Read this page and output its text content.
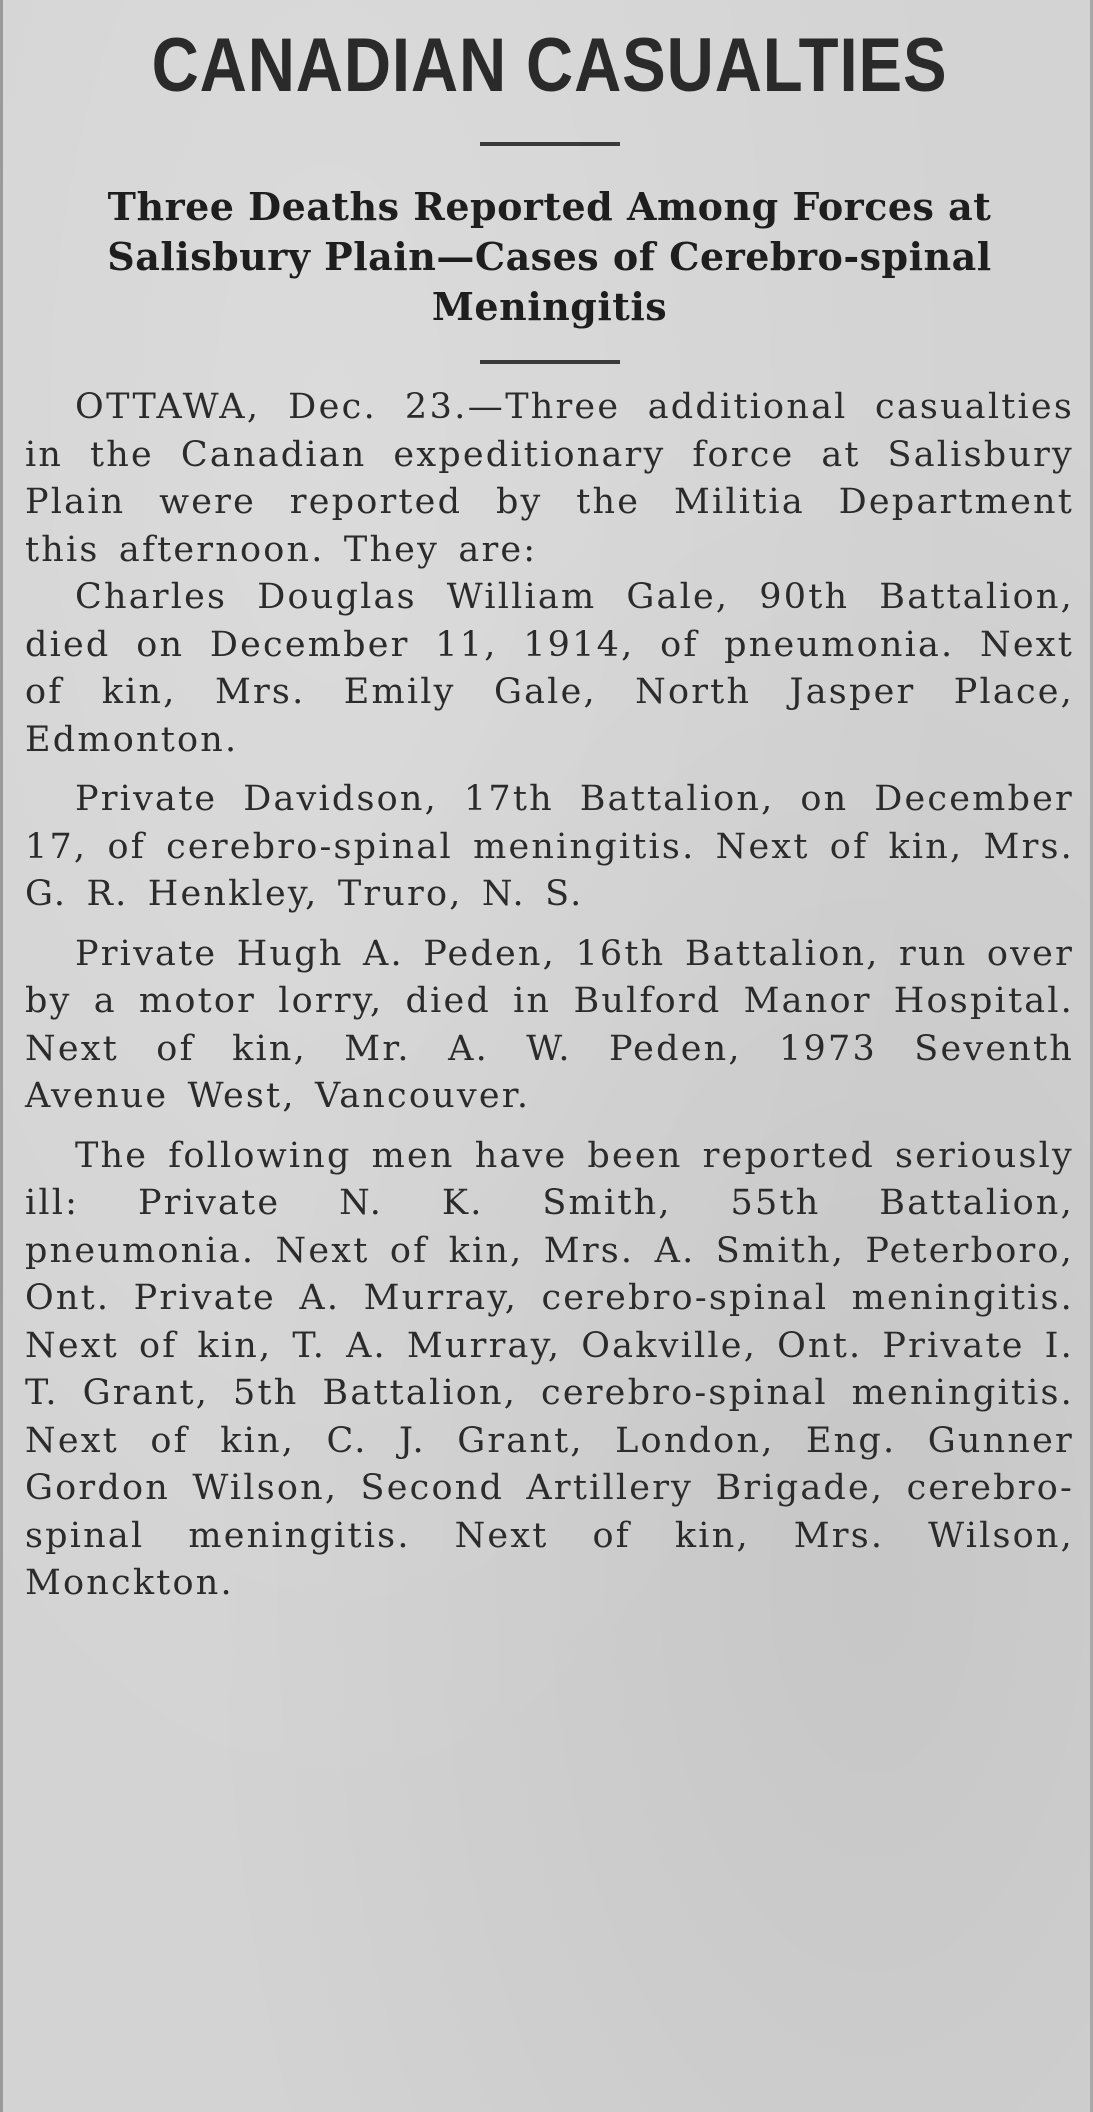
CANADIAN CASUALTIES
Three Deaths Reported Among Forces at Salisbury Plain—Cases of Cerebro-spinal Meningitis

OTTAWA, Dec. 23.—Three additional casualties in the Canadian expeditionary force at Salisbury Plain were reported by the Militia Department this afternoon. They are:

Charles Douglas William Gale, 90th Battalion, died on December 11, 1914, of pneumonia. Next of kin, Mrs. Emily Gale, North Jasper Place, Edmonton.

Private Davidson, 17th Battalion, on December 17, of cerebro-spinal meningitis. Next of kin, Mrs. G. R. Henkley, Truro, N. S.

Private Hugh A. Peden, 16th Battalion, run over by a motor lorry, died in Bulford Manor Hospital. Next of kin, Mr. A. W. Peden, 1973 Seventh Avenue West, Vancouver.

The following men have been reported seriously ill: Private N. K. Smith, 55th Battalion, pneumonia. Next of kin, Mrs. A. Smith, Peterboro, Ont. Private A. Murray, cerebro-spinal meningitis. Next of kin, T. A. Murray, Oakville, Ont. Private I. T. Grant, 5th Battalion, cerebro-spinal meningitis. Next of kin, C. J. Grant, London, Eng. Gunner Gordon Wilson, Second Artillery Brigade, cerebro-spinal meningitis. Next of kin, Mrs. Wilson, Monckton.
